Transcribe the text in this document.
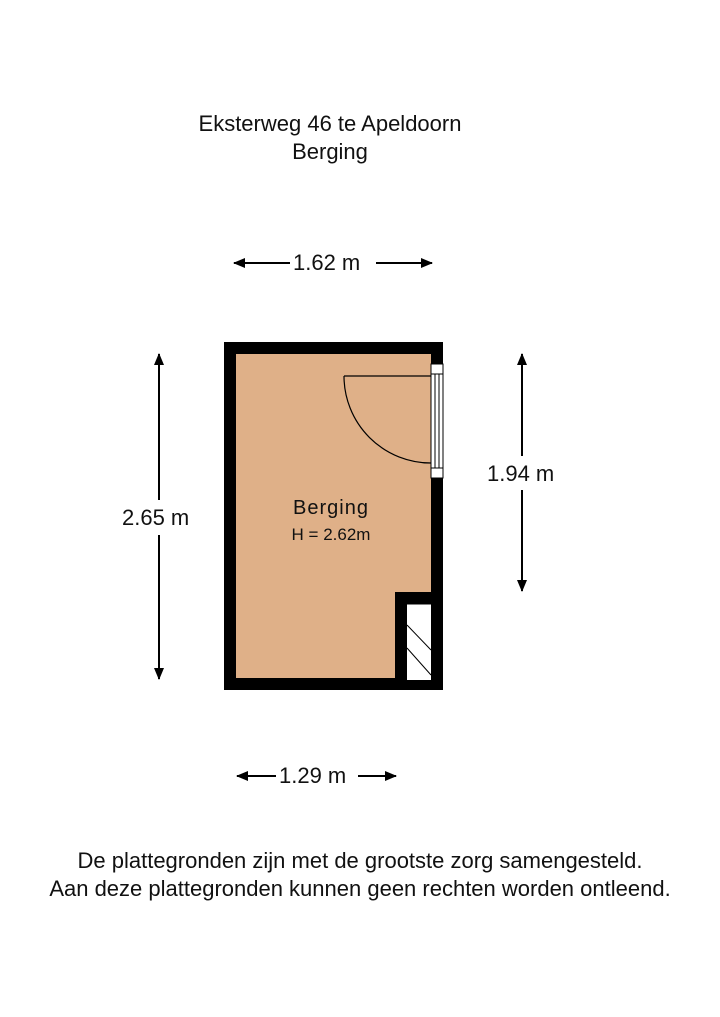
Eksterweg 46 te Apeldoorn
Berging
1.62 m
1.29 m
2.65 m
1.94 m
Berging
H = 2.62m
De plattegronden zijn met de grootste zorg samengesteld.
Aan deze plattegronden kunnen geen rechten worden ontleend.
